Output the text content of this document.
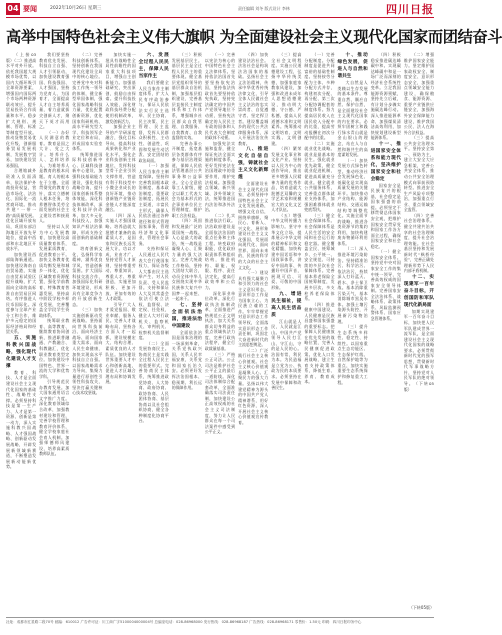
04 要闻	2022年10月26日 星期三	责任编辑 刘冬 版式设计 李林	四川日报
高举中国特色社会主义伟大旗帜 为全面建设社会主义现代化国家而团结奋斗

（上接03版）（二）推进高水平对外开放。依托我国超大规模市场优势，以国内大循环吸引全球资源要素，增强国内国际两个市场两种资源联动效应，提升贸易投资合作质量和水平。稳步扩大规则、规制、管理、标准等制度型开放。推动货物贸易优化升级，创新服务贸易发展机制，发展数字贸易，加快建设贸易强国。

合理缩减外资准入负面清单，依法保护外商投资权益，营造市场化、法治化、国际化一流营商环境。推动共建“一带一路”高质量发展。优化区域开放布局，巩固东部沿海地区开放先导地位，提高中西部和东北地区开放水平。

加快建设西部陆海新通道。加快建设海南自由贸易港，实施自由贸易试验区提升战略，扩大面向全球的高标准自由贸易区网络。有序推进人民币国际化。深度参与全球产业分工和合作，维护多元稳定的国际经济格局和经贸关系。

五、实施科教兴国战略，强化现代化建设人才支撑

教育、科技、人才是全面建设社会主义现代化国家的基础性、战略性支撑。必须坚持科技是第一生产力、人才是第一资源、创新是第一动力，深入实施科教兴国战略、人才强国战略、创新驱动发展战略，开辟发展新领域新赛道，不断塑造发展新动能新优势。

我们要坚持教育优先发展、科技自立自强、人才引领驱动，加快建设教育强国、科技强国、人才强国，坚持为党育人、为国育才，全面提高人才自主培养质量，着力造就拔尖创新人才，聚天下英才而用之。

（一）办好人民满意的教育。教育是国之大计、党之大计。培养什么人、怎样培养人、为谁培养人是教育的根本问题。育人的根本在于立德。全面贯彻党的教育方针，落实立德树人根本任务，培养德智体美劳全面发展的社会主义建设者和接班人。

坚持以人民为中心发展教育，加快建设高质量教育体系，发展素质教育，促进教育公平。加快义务教育优质均衡发展和城乡一体化，优化区域教育资源配置，强化学前教育、特殊教育普惠发展，坚持高中阶段学校多样化发展，完善覆盖全学段学生资助体系。

统筹职业教育、高等教育、继续教育协同创新，推进职普融通、产教融合、科教融汇，优化职业教育类型定位。加快建设中国特色、世界一流的大学和优势学科。

引导规范民办教育发展。加大国家通用语言文字推广力度。深化教育领域综合改革，加强教材建设和管理，完善学校管理和教育评价体系，健全学校家庭社会育人机制。加强师德师风建设，培养高素质教师队伍。

（二）完善科技创新体系。坚持创新在我国现代化建设全局中的核心地位。完善党中央对科技工作统一领导的体制，健全新型举国体制，强化国家战略科技力量，优化配置创新资源，优化国家科研机构、高水平研究型大学、科技领军企业定位和布局，形成国家实验室体系。

统筹推进国际科技创新中心、区域科技创新中心建设，加强科技基础能力建设，强化科技战略咨询，提升国家创新体系整体效能。深化科技体制改革，深化科技评价改革，加大多元化科技投入，加强知识产权法治保障，形成支持全面创新的基础制度。

培育创新文化，弘扬科学家精神，涵养优良学风，营造创新氛围。扩大国际科技交流合作，加强国际化科研环境建设，形成具有全球竞争力的开放创新生态。

（三）加快实施创新驱动发展战略。坚持面向世界科技前沿、面向经济主战场、面向国家重大需求、面向人民生命健康，加快实现高水平科技自立自强。以国家战略需求为导向，集聚力量进行原创性引领性科技攻关，坚决打赢关键核心技术攻坚战。

加快实施一批具有战略性全局性前瞻性的国家重大科技项目，增强自主创新能力。加强基础研究，突出原创，鼓励自由探索。提升科技投入效能，深化财政科技经费分配使用机制改革，激发创新活力。

加强企业主导的产学研深度融合，强化目标导向，提高科技成果转化和产业化水平。强化企业科技创新主体地位，发挥科技型骨干企业引领支撑作用，营造有利于科技型中小微企业成长的良好环境，推动创新链产业链资金链人才链深度融合。

（四）深入实施人才强国战略。培养造就大批德才兼备的高素质人才，是国家和民族长远发展大计。功以才成，业由才广。坚持党管人才原则，坚持尊重劳动、尊重知识、尊重人才、尊重创造，实施更加积极、更加开放、更加有效的人才政策。

引导广大人才爱党报国、敬业奉献、服务人民。完善人才战略布局，坚持各方面人才一起抓，建设规模宏大、结构合理、素质优良的人才队伍。加快建设世界重要人才中心和创新高地，促进人才区域合理布局和协调发展。

六、发展全过程人民民主，保障人民当家作主

我们要健全人民当家作主制度体系，扩大人民有序政治参与，保证人民依法实行民主选举、民主协商、民主决策、民主管理、民主监督，发挥人民群众积极性、主动性、创造性，巩固和发展生动活泼、安定团结的政治局面。

（一）加强人民当家作主制度保障。坚持和完善我国根本政治制度、基本政治制度、重要政治制度，拓展民主渠道，丰富民主形式，确保人民依法通过各种途径和形式管理国家事务，管理经济和文化事业，管理社会事务。

支持和保证人民通过人民代表大会行使国家权力，保证各级人大都由民主选举产生、对人民负责、受人民监督。支持和保证人大及其常委会依法行使立法权、监督权、决定权、任免权，健全人大对行政机关、监察机关、审判机关、检察机关监督制度。

（二）全面发展协商民主。协商民主是实践全过程人民民主的重要形式。完善协商民主体系，统筹推进政党协商、人大协商、政府协商、政协协商、人民团体协商、基层协商以及社会组织协商，健全各种制度化协商平台。

（三）积极发展基层民主。基层民主是全过程人民民主的重要体现。健全基层党组织领导的基层群众自治机制，加强基层组织建设，完善基层直接民主制度体系和工作体系，增强城乡社区群众自我管理、自我服务、自我教育、自我监督的实效。

完善办事公开制度，拓宽基层各类群体有序参与基层治理渠道，保障人民依法管理基层公共事务和公益事业。全心全意依靠工人阶级，健全以职工代表大会为基本形式的企事业单位民主管理制度，维护职工合法权益。

（四）巩固和发展最广泛的爱国统一战线。人心是最大的政治，统一战线是凝聚人心、汇聚力量的强大法宝。完善大统战工作格局，坚持大团结大联合，动员全体中华儿女围绕实现中华民族伟大复兴中国梦一起来想、一起来干。

七、坚持全面依法治国，推进法治中国建设

全面依法治国是国家治理的一场深刻革命，关系党执政兴国，关系人民幸福安康，关系党和国家长治久安。必须更好发挥法治固根本、稳预期、利长远的保障作用。

（一）完善以宪法为核心的中国特色社会主义法律体系。坚持依法治国首先要坚持依宪治国，坚持依法执政首先要坚持依宪执政，坚持宪法确定的中国共产党领导地位不动摇，坚持宪法确定的人民民主专政的国体和人民代表大会制度的政体不动摇。

加强宪法实施和监督，健全保证宪法全面实施的制度体系，更好发挥宪法在治国理政中的重要作用，维护宪法权威。加强重点领域、新兴领域、涉外领域立法，统筹推进国内法治和涉外法治。

（二）扎实推进依法行政。法治政府建设是全面依法治国的重点任务和主体工程。转变政府职能，优化政府职责体系和组织结构，推进机构、职能、权限、程序、责任法定化，提高行政效率和公信力。

深化事业单位改革。深化行政执法体制改革，全面推进严格规范公正文明执法，加大关系群众切身利益的重点领域执法力度，完善行政执法程序，健全行政裁量基准。

（三）严格公正司法。公正司法是维护社会公平正义的最后一道防线。深化司法体制综合配套改革，全面准确落实司法责任制，加快建设公正高效权威的社会主义司法制度，努力让人民群众在每一个司法案件中感受到公平正义。

（四）加快建设法治社会。法治社会是构筑法治国家的基础。弘扬社会主义法治精神，传承中华优秀传统法律文化，引导全体人民做社会主义法治的忠实崇尚者、自觉遵守者、坚定捍卫者。建设覆盖城乡的现代公共法律服务体系，深入开展法治宣传教育。

八、推进文化自信自强，铸就社会主义文化新辉煌

全面建设社会主义现代化国家，必须坚持中国特色社会主义文化发展道路，增强文化自信，围绕举旗帜、聚民心、育新人、兴文化、展形象建设社会主义文化强国，发展面向现代化、面向世界、面向未来的，民族的科学的大众的社会主义文化。

（一）建设具有强大凝聚力和引领力的社会主义意识形态。意识形态工作是为国家立心、为民族立魂的工作。牢牢掌握党对意识形态工作领导权，全面落实意识形态工作责任制，巩固壮大奋进新时代的主流思想舆论。

（二）广泛践行社会主义核心价值观。社会主义核心价值观是凝聚人心、汇聚民力的强大力量。弘扬以伟大建党精神为源头的中国共产党人精神谱系，用好红色资源，深入开展社会主义核心价值观宣传教育。

（三）提高全社会文明程度。实施公民道德建设工程，弘扬中华传统美德，加强家庭家教家风建设，加强和改进未成年人思想道德建设，推动明大德、守公德、严私德，提高人民道德水准和文明素养。统筹推动文明培育、文明实践、文明创建。

（四）繁荣发展文化事业和文化产业。坚持以人民为中心的创作导向，推出更多增强人民精神力量的优秀作品，培育造就大批德艺双馨的文学艺术家和规模宏大的文化文艺人才队伍。

（五）增强中华文明传播力影响力。坚守中华文化立场，提炼展示中华文明的精神标识和文化精髓，加快构建中国话语和中国叙事体系，讲好中国故事、传播好中国声音，展现可信、可爱、可敬的中国形象。

九、增进民生福祉，提高人民生活品质

江山就是人民，人民就是江山。中国共产党领导人民打江山、守江山，守的是人民的心。治国有常，利民为本。为民造福是立党为公、执政为民的本质要求。必须坚持在发展中保障和改善民生。

（一）完善分配制度。分配制度是促进共同富裕的基础性制度。坚持按劳分配为主体、多种分配方式并存，构建初次分配、再分配、第三次分配协调配套的制度体系。努力提高居民收入在国民收入分配中的比重，提高劳动报酬在初次分配中的比重。

（二）实施就业优先战略。就业是最基本的民生。强化就业优先政策，健全就业促进机制，促进高质量充分就业。健全就业公共服务体系，完善重点群体就业支持体系，加强困难群体就业兜底帮扶。

（三）健全社会保障体系。社会保障体系是人民生活的安全网和社会运行的稳定器。健全覆盖全民、统筹城乡、公平统一、安全规范、可持续的多层次社会保障体系。完善基本养老保险全国统筹制度，发展多层次、多支柱养老保险体系。

（四）推进健康中国建设。人民健康是民族昌盛和国家强盛的重要标志。把保障人民健康放在优先发展的战略位置，完善人民健康促进政策。优化人口发展战略，建立生育支持政策体系，降低生育、养育、教育成本。

十、推动绿色发展，促进人与自然和谐共生

大自然是人类赖以生存发展的基本条件。尊重自然、顺应自然、保护自然，是全面建设社会主义现代化国家的内在要求。必须牢固树立和践行绿水青山就是金山银山的理念，站在人与自然和谐共生的高度谋划发展。

（一）加快发展方式绿色转型。推动经济社会发展绿色化、低碳化是实现高质量发展的关键环节。加快推动产业结构、能源结构、交通运输结构等调整优化。实施全面节约战略，推进各类资源节约集约利用，加快构建废弃物循环利用体系。

（二）深入推进环境污染防治。坚持精准治污、科学治污、依法治污，持续深入打好蓝天、碧水、净土保卫战。基本消除重污染天气，基本消除城市黑臭水体。加强土壤污染源头防控，开展新污染物治理。

（三）提升生态系统多样性、稳定性、持续性。以国家重点生态功能区、生态保护红线、自然保护地等为重点，加快实施重要生态系统保护和修复重大工程。

（四）积极稳妥推进碳达峰碳中和。实现碳达峰碳中和是一场广泛而深刻的经济社会系统性变革。立足我国能源资源禀赋，坚持先立后破，有计划分步骤实施碳达峰行动。深入推进能源革命，加强煤炭清洁高效利用，加快规划建设新型能源体系。

十一、推进国家安全体系和能力现代化，坚决维护国家安全和社会稳定

国家安全是民族复兴的根基，社会稳定是国家强盛的前提。必须坚定不移贯彻总体国家安全观，把维护国家安全贯穿党和国家工作各方面全过程，确保国家安全和社会稳定。

（一）健全国家安全体系。坚持党中央对国家安全工作的集中统一领导，完善高效权威的国家安全领导体制。完善国家安全法治体系、战略体系、政策体系、风险监测预警体系、国家应急管理体系。

（二）增强维护国家安全能力。坚定维护国家政权安全、制度安全、意识形态安全，加强重点领域安全能力建设，确保粮食、能源资源、重要产业链供应链安全，加强海外安全保障能力建设，维护我国公民、法人在海外合法权益。

（三）提高公共安全治理水平。坚持安全第一、预防为主，建立大安全大应急框架，完善公共安全体系，推动公共安全治理模式向事前预防转型。推进安全生产风险专项整治，加强重点行业、重点领域安全监管。

（四）完善社会治理体系。健全共建共治共享的社会治理制度，提升社会治理效能。在社会基层坚持和发展新时代“枫桥经验”，完善正确处理新形势下人民内部矛盾机制。

十二、实现建军一百年奋斗目标，开创国防和军队现代化新局面

如期实现建军一百年奋斗目标，加快把人民军队建成世界一流军队，是全面建设社会主义现代化国家的战略要求。必须贯彻新时代党的强军思想，贯彻新时代军事战略方针，坚持党对人民军队的绝对领导。（下转05版）

（下转05版）
社址：成都市红星路二段70号 邮编：610012 广告许可证：川工商广字5100004000004号 总编室电话：028-86968000 发行热线：028-86968187 广告热线：028-86968171 零售价：1.50元 印刷：四川日报印务中心
